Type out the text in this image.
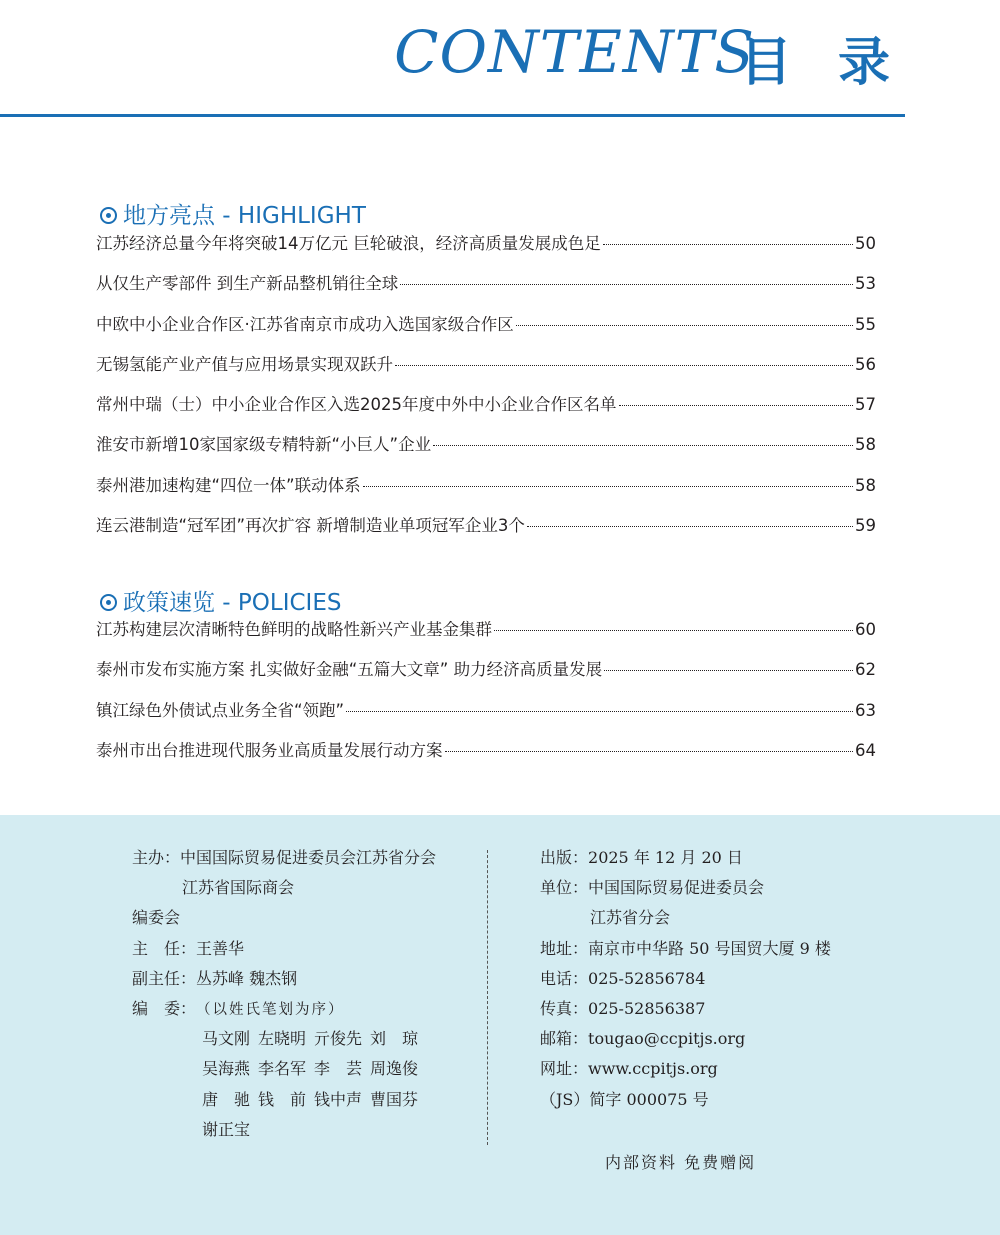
CONTENTS
目 录
地方亮点 - HIGHLIGHT
江苏经济总量今年将突破14万亿元 巨轮破浪，经济高质量发展成色足	50
从仅生产零部件 到生产新品整机销往全球	53
中欧中小企业合作区·江苏省南京市成功入选国家级合作区	55
无锡氢能产业产值与应用场景实现双跃升	56
常州中瑞（士）中小企业合作区入选2025年度中外中小企业合作区名单	57
淮安市新增10家国家级专精特新“小巨人”企业	58
泰州港加速构建“四位一体”联动体系	58
连云港制造“冠军团”再次扩容 新增制造业单项冠军企业3个	59
政策速览 - POLICIES
江苏构建层次清晰特色鲜明的战略性新兴产业基金集群	60
泰州市发布实施方案 扎实做好金融“五篇大文章” 助力经济高质量发展	62
镇江绿色外债试点业务全省“领跑”	63
泰州市出台推进现代服务业高质量发展行动方案	64
主办：中国国际贸易促进委员会江苏省分会
江苏省国际商会
编委会
主　任：王善华
副主任：丛苏峰 魏杰钢
编　委：（以姓氏笔划为序）
马文刚 左晓明 亓俊先 刘　琼
吴海燕 李名军 李　芸 周逸俊
唐　驰 钱　前 钱中声 曹国芬
谢正宝
出版：2025 年 12 月 20 日
单位：中国国际贸易促进委员会
江苏省分会
地址：南京市中华路 50 号国贸大厦 9 楼
电话：025-52856784
传真：025-52856387
邮箱：tougao@ccpitjs.org
网址：www.ccpitjs.org
（JS）简字 000075 号
内部资料 免费赠阅
